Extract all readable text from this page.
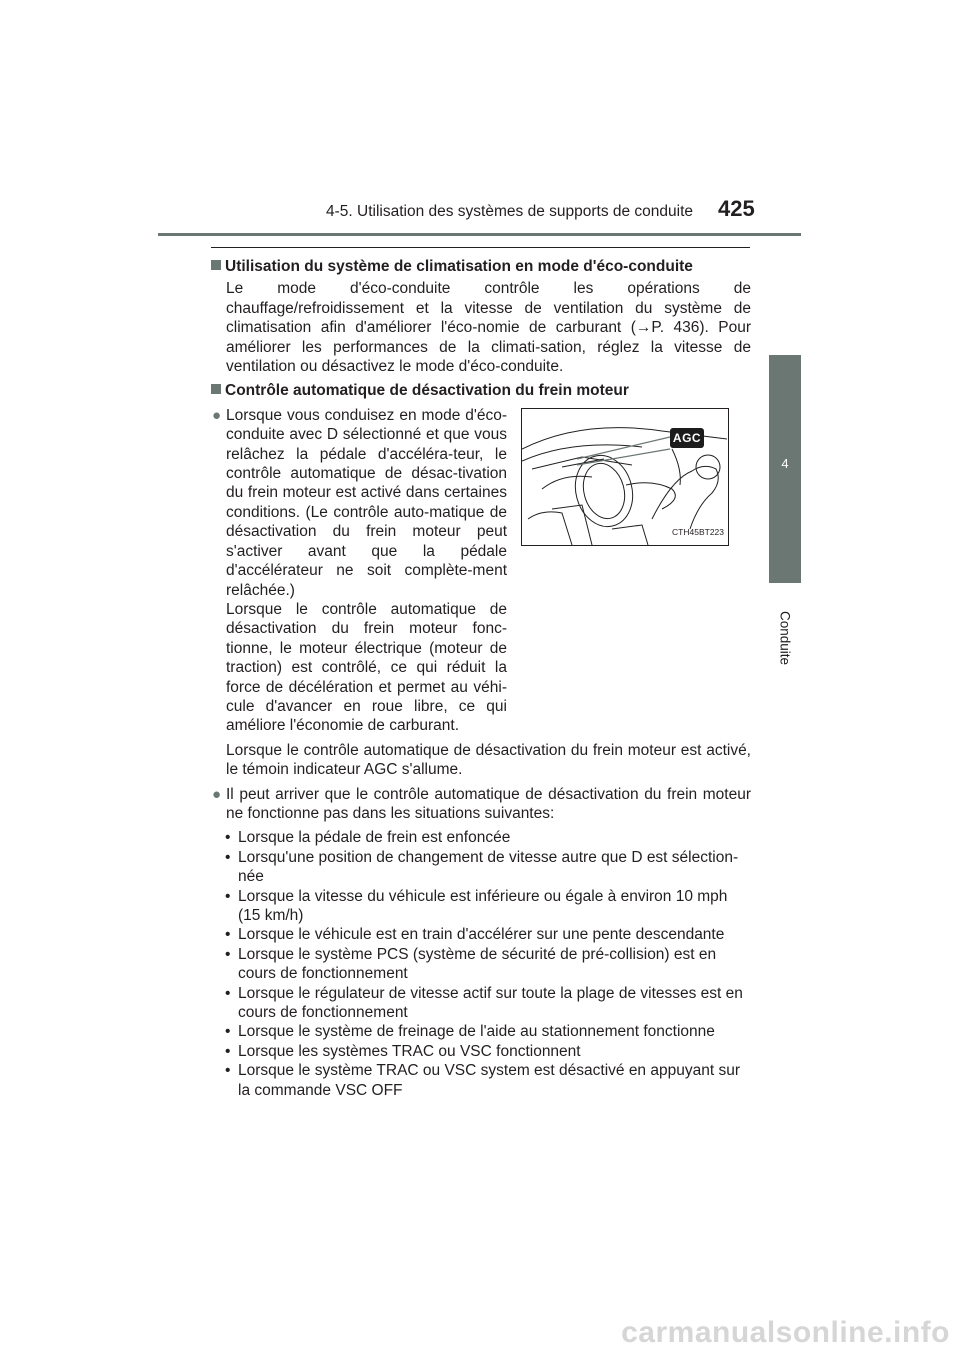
4-5. Utilisation des systèmes de supports de conduite 425
4
Conduite

Utilisation du système de climatisation en mode d'éco-conduite

Le mode d'éco-conduite contrôle les opérations de chauffage/refroidissement et la vitesse de ventilation du système de climatisation afin d'améliorer l'éco-nomie de carburant (→P. 436). Pour améliorer les performances de la climati-sation, réglez la vitesse de ventilation ou désactivez le mode d'éco-conduite.

Contrôle automatique de désactivation du frein moteur

AGC
CTH45BT223
● Lorsque vous conduisez en mode d'éco-conduite avec D sélectionné et que vous relâchez la pédale d'accéléra-teur, le contrôle automatique de désac-tivation du frein moteur est activé dans certaines conditions. (Le contrôle auto-matique de désactivation du frein moteur peut s'activer avant que la pédale d'accélérateur ne soit complète-ment relâchée.)

Lorsque le contrôle automatique de désactivation du frein moteur fonc-tionne, le moteur électrique (moteur de traction) est contrôlé, ce qui réduit la force de décélération et permet au véhi-cule d'avancer en roue libre, ce qui améliore l'économie de carburant.

Lorsque le contrôle automatique de désactivation du frein moteur est activé, le témoin indicateur AGC s'allume.

● Il peut arriver que le contrôle automatique de désactivation du frein moteur ne fonctionne pas dans les situations suivantes:

• Lorsque la pédale de frein est enfoncée
• Lorsqu'une position de changement de vitesse autre que D est sélection-née
• Lorsque la vitesse du véhicule est inférieure ou égale à environ 10 mph (15 km/h)
• Lorsque le véhicule est en train d'accélérer sur une pente descendante
• Lorsque le système PCS (système de sécurité de pré-collision) est en cours de fonctionnement
• Lorsque le régulateur de vitesse actif sur toute la plage de vitesses est en cours de fonctionnement
• Lorsque le système de freinage de l'aide au stationnement fonctionne
• Lorsque les systèmes TRAC ou VSC fonctionnent
• Lorsque le système TRAC ou VSC system est désactivé en appuyant sur la commande VSC OFF
carmanualsonline.info
